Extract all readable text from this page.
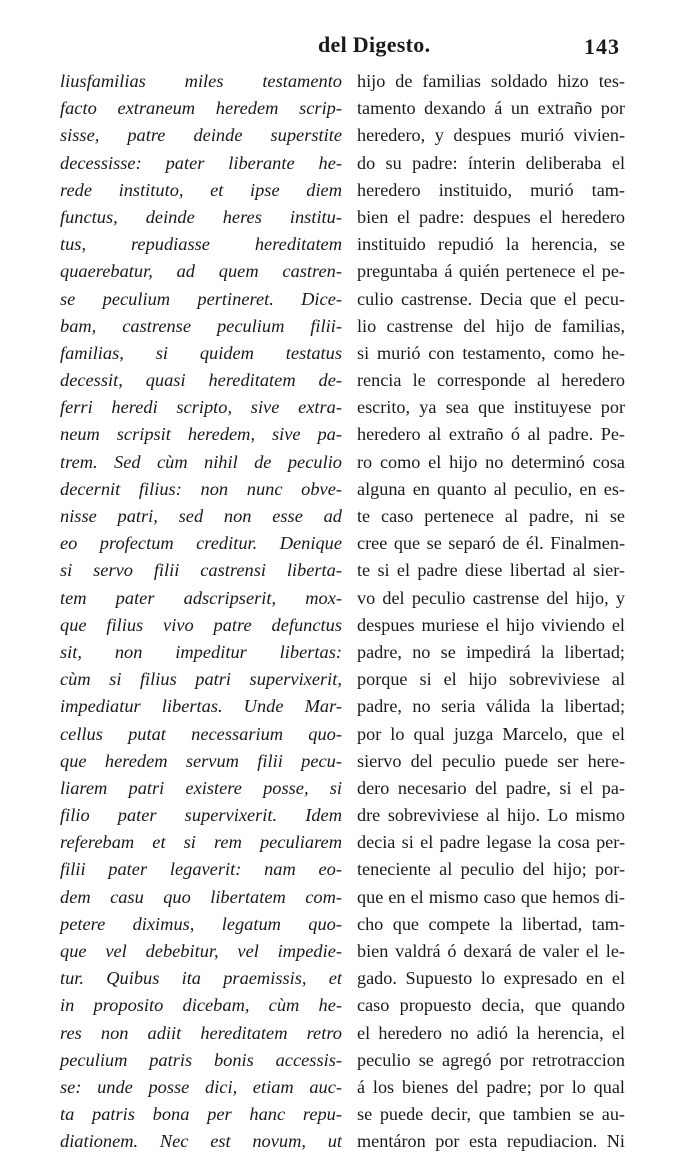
del Digesto.	143
liusfamilias miles testamento
facto extraneum heredem scrip-
sisse, patre deinde superstite
decessisse: pater liberante he-
rede instituto, et ipse diem
functus, deinde heres institu-
tus, repudiasse hereditatem
quaerebatur, ad quem castren-
se peculium pertineret. Dice-
bam, castrense peculium filii-
familias, si quidem testatus
decessit, quasi hereditatem de-
ferri heredi scripto, sive extra-
neum scripsit heredem, sive pa-
trem. Sed cùm nihil de peculio
decernit filius: non nunc obve-
nisse patri, sed non esse ad
eo profectum creditur. Denique
si servo filii castrensi liberta-
tem pater adscripserit, mox-
que filius vivo patre defunctus
sit, non impeditur libertas:
cùm si filius patri supervixerit,
impediatur libertas. Unde Mar-
cellus putat necessarium quo-
que heredem servum filii pecu-
liarem patri existere posse, si
filio pater supervixerit. Idem
referebam et si rem peculiarem
filii pater legaverit: nam eo-
dem casu quo libertatem com-
petere diximus, legatum quo-
que vel debebitur, vel impedie-
tur. Quibus ita praemissis, et
in proposito dicebam, cùm he-
res non adiit hereditatem retro
peculium patris bonis accessis-
se: unde posse dici, etiam auc-
ta patris bona per hanc repu-
diationem. Nec est novum, ut
hijo de familias soldado hizo tes-
tamento dexando á un extraño por
heredero, y despues murió vivien-
do su padre: ínterin deliberaba el
heredero instituido, murió tam-
bien el padre: despues el heredero
instituido repudió la herencia, se
preguntaba á quién pertenece el pe-
culio castrense. Decia que el pecu-
lio castrense del hijo de familias,
si murió con testamento, como he-
rencia le corresponde al heredero
escrito, ya sea que instituyese por
heredero al extraño ó al padre. Pe-
ro como el hijo no determinó cosa
alguna en quanto al peculio, en es-
te caso pertenece al padre, ni se
cree que se separó de él. Finalmen-
te si el padre diese libertad al sier-
vo del peculio castrense del hijo, y
despues muriese el hijo viviendo el
padre, no se impedirá la libertad;
porque si el hijo sobreviviese al
padre, no seria válida la libertad;
por lo qual juzga Marcelo, que el
siervo del peculio puede ser here-
dero necesario del padre, si el pa-
dre sobreviviese al hijo. Lo mismo
decia si el padre legase la cosa per-
teneciente al peculio del hijo; por-
que en el mismo caso que hemos di-
cho que compete la libertad, tam-
bien valdrá ó dexará de valer el le-
gado. Supuesto lo expresado en el
caso propuesto decia, que quando
el heredero no adió la herencia, el
peculio se agregó por retrotraccion
á los bienes del padre; por lo qual
se puede decir, que tambien se au-
mentáron por esta repudiacion. Ni
